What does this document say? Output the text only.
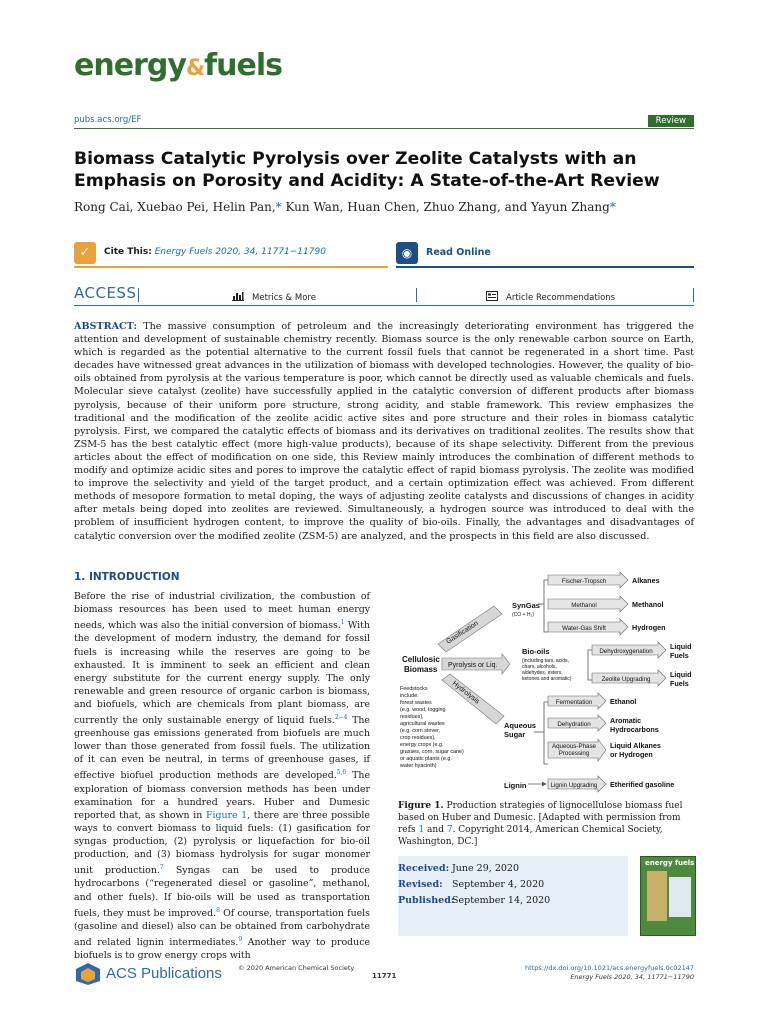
energy&fuels
pubs.acs.org/EF	Review
Biomass Catalytic Pyrolysis over Zeolite Catalysts with an Emphasis on Porosity and Acidity: A State-of-the-Art Review
Rong Cai, Xuebao Pei, Helin Pan,* Kun Wan, Huan Chen, Zhuo Zhang, and Yayun Zhang*
✓	Cite This: Energy Fuels 2020, 34, 11771−11790	◉	Read Online
ACCESS	Metrics & More	Article Recommendations

ABSTRACT: The massive consumption of petroleum and the increasingly deteriorating environment has triggered the attention and development of sustainable chemistry recently. Biomass source is the only renewable carbon source on Earth, which is regarded as the potential alternative to the current fossil fuels that cannot be regenerated in a short time. Past decades have witnessed great advances in the utilization of biomass with developed technologies. However, the quality of bio-oils obtained from pyrolysis at the various temperature is poor, which cannot be directly used as valuable chemicals and fuels. Molecular sieve catalyst (zeolite) have successfully applied in the catalytic conversion of different products after biomass pyrolysis, because of their uniform pore structure, strong acidity, and stable framework. This review emphasizes the traditional and the modification of the zeolite acidic active sites and pore structure and their roles in biomass catalytic pyrolysis. First, we compared the catalytic effects of biomass and its derivatives on traditional zeolites. The results show that ZSM-5 has the best catalytic effect (more high-value products), because of its shape selectivity. Different from the previous articles about the effect of modification on one side, this Review mainly introduces the combination of different methods to modify and optimize acidic sites and pores to improve the catalytic effect of rapid biomass pyrolysis. The zeolite was modified to improve the selectivity and yield of the target product, and a certain optimization effect was achieved. From different methods of mesopore formation to metal doping, the ways of adjusting zeolite catalysts and discussions of changes in acidity after metals being doped into zeolites are reviewed. Simultaneously, a hydrogen source was introduced to deal with the problem of insufficient hydrogen content, to improve the quality of bio-oils. Finally, the advantages and disadvantages of catalytic conversion over the modified zeolite (ZSM-5) are analyzed, and the prospects in this field are also discussed.

1. INTRODUCTION

Before the rise of industrial civilization, the combustion of biomass resources has been used to meet human energy needs, which was also the initial conversion of biomass.$^1$ With the development of modern industry, the demand for fossil fuels is increasing while the reserves are going to be exhausted. It is imminent to seek an efficient and clean energy substitute for the current energy supply. The only renewable and green resource of organic carbon is biomass, and biofuels, which are chemicals from plant biomass, are currently the only sustainable energy of liquid fuels.$^{2-4}$ The greenhouse gas emissions generated from biofuels are much lower than those generated from fossil fuels. The utilization of it can even be neutral, in terms of greenhouse gases, if effective biofuel production methods are developed.$^{5,6}$ The exploration of biomass conversion methods has been under examination for a hundred years. Huber and Dumesic reported that, as shown in Figure 1, there are three possible ways to convert biomass to liquid fuels: (1) gasification for syngas production, (2) pyrolysis or liquefaction for bio-oil production, and (3) biomass hydrolysis for sugar monomer unit production.$^7$ Syngas can be used to produce hydrocarbons (“regenerated diesel or gasoline”, methanol, and other fuels). If bio-oils will be used as transportation fuels, they must be improved.$^8$ Of course, transportation fuels (gasoline and diesel) also can be obtained from carbohydrate and related lignin intermediates.$^9$ Another way to produce biofuels is to grow energy crops with

Cellulosic
Biomass
Gasification
Pyrolysis or Liq.
Hydrolysis
Feedstocks
include:
forest wastes
(e.g. wood, logging
residues),
agricultural wastes
(e.g. corn stover,
crop residues),
energy crops (e.g.
grasses, corn, sugar cane)
or aquatic plants (e.g.
water hyacinth)
SynGas
(CO + H₂)
Bio-oils
(including tars, acids,
chars, alcohols,
aldehydes, esters,
ketones and aromatic)
Aqueous
Sugar
Lignin
Fischer-Tropsch
Methanol
Water-Gas Shift
Dehydroxygenation
Zeolite Upgrading
Fermentation
Dehydration
Aqueous-Phase
Processing
Lignin Upgrading
Alkanes
Methanol
Hydrogen
Liquid
Fuels
Liquid
Fuels
Ethanol
Aromatic
Hydrocarbons
Liquid Alkanes
or Hydrogen
Etherified gasoline

Figure 1. Production strategies of lignocellulose biomass fuel based on Huber and Dumesic. [Adapted with permission from refs 1 and 7. Copyright 2014, American Chemical Society, Washington, DC.]

Received: June 29, 2020
Revised: September 4, 2020
Published:September 14, 2020
energy fuels
ACS Publications © 2020 American Chemical Society
11771
https://dx.doi.org/10.1021/acs.energyfuels.0c02147
Energy Fuels 2020, 34, 11771−11790
